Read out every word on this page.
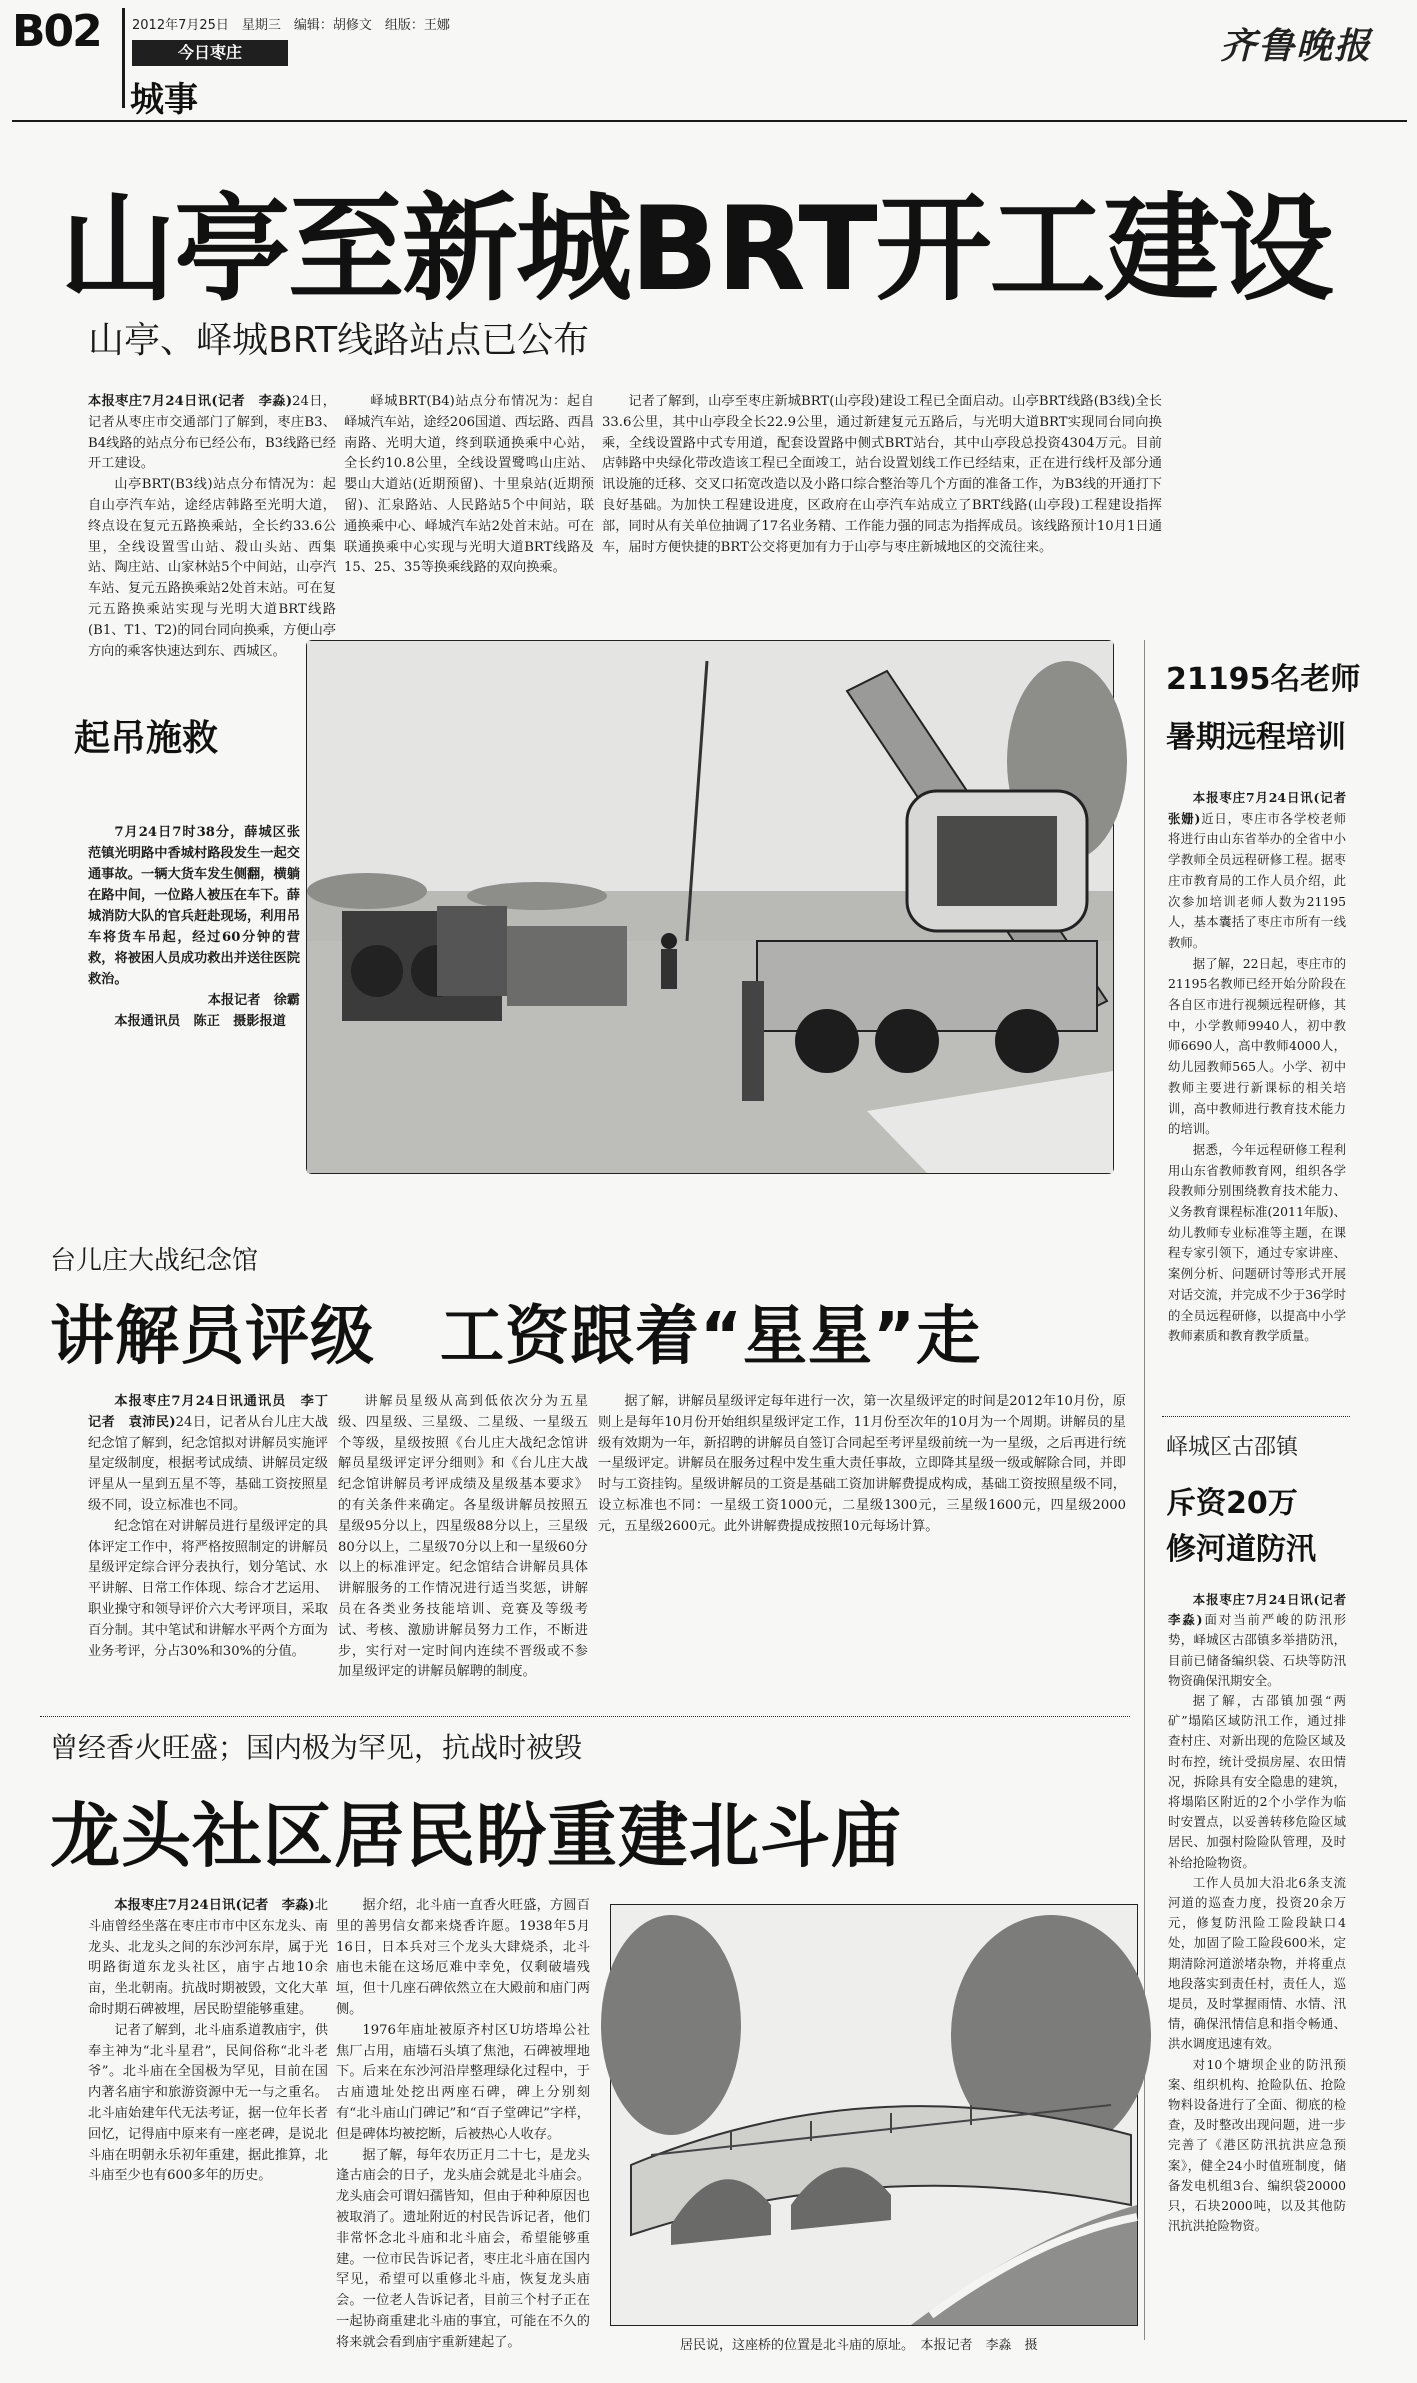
B02 2012年7月25日　星期三　编辑：胡修文　组版：王娜
今日枣庄
城事
齐鲁晚报
山亭至新城BRT开工建设
山亭、峄城BRT线路站点已公布

本报枣庄7月24日讯(记者　李淼)24日，记者从枣庄市交通部门了解到，枣庄B3、B4线路的站点分布已经公布，B3线路已经开工建设。

山亭BRT(B3线)站点分布情况为：起自山亭汽车站，途经店韩路至光明大道，终点设在复元五路换乘站，全长约33.6公里，全线设置雪山站、殺山头站、西集站、陶庄站、山家林站5个中间站，山亭汽车站、复元五路换乘站2处首末站。可在复元五路换乘站实现与光明大道BRT线路(B1、T1、T2)的同台同向换乘，方便山亭方向的乘客快速达到东、西城区。

峄城BRT(B4)站点分布情况为：起自峄城汽车站，途经206国道、西坛路、西昌南路、光明大道，终到联通换乘中心站，全长约10.8公里，全线设置鹭鸣山庄站、嬰山大道站(近期预留)、十里泉站(近期预留)、汇泉路站、人民路站5个中间站，联通换乘中心、峄城汽车站2处首末站。可在联通换乘中心实现与光明大道BRT线路及15、25、35等换乘线路的双向换乘。

记者了解到，山亭至枣庄新城BRT(山亭段)建设工程已全面启动。山亭BRT线路(B3线)全长33.6公里，其中山亭段全长22.9公里，通过新建复元五路后，与光明大道BRT实现同台同向换乘，全线设置路中式专用道，配套设置路中侧式BRT站台，其中山亭段总投资4304万元。目前店韩路中央绿化带改造该工程已全面竣工，站台设置划线工作已经结束，正在进行线杆及部分通讯设施的迁移、交叉口拓宽改造以及小路口综合整治等几个方面的准备工作，为B3线的开通打下良好基础。为加快工程建设进度，区政府在山亭汽车站成立了BRT线路(山亭段)工程建设指挥部，同时从有关单位抽调了17名业务精、工作能力强的同志为指挥成员。该线路预计10月1日通车，届时方便快捷的BRT公交将更加有力于山亭与枣庄新城地区的交流往来。

起吊施救
7月24日7时38分，薛城区张范镇光明路中香城村路段发生一起交通事故。一辆大货车发生侧翻，横躺在路中间，一位路人被压在车下。薛城消防大队的官兵赶赴现场，利用吊车将货车吊起，经过60分钟的营救，将被困人员成功救出并送往医院救治。
本报记者　徐霸
本报通讯员　陈正　摄影报道
21195名老师
暑期远程培训

本报枣庄7月24日讯(记者　张姗)近日，枣庄市各学校老师将进行由山东省举办的全省中小学教师全员远程研修工程。据枣庄市教育局的工作人员介绍，此次参加培训老师人数为21195人，基本囊括了枣庄市所有一线教师。

据了解，22日起，枣庄市的21195名教师已经开始分阶段在各自区市进行视频远程研修，其中，小学教师9940人，初中教师6690人，高中教师4000人，幼儿园教师565人。小学、初中教师主要进行新课标的相关培训，高中教师进行教育技术能力的培训。

据悉，今年远程研修工程利用山东省教师教育网，组织各学段教师分别围绕教育技术能力、义务教育课程标准(2011年版)、幼儿教师专业标准等主题，在课程专家引领下，通过专家讲座、案例分析、问题研讨等形式开展对话交流，并完成不少于36学时的全员远程研修，以提高中小学教师素质和教育教学质量。

峄城区古邵镇
斥资20万
修河道防汛

本报枣庄7月24日讯(记者　李淼)面对当前严峻的防汛形势，峄城区古邵镇多举措防汛，目前已储备编织袋、石块等防汛物资确保汛期安全。

据了解，古邵镇加强“两矿”塌陷区域防汛工作，通过排查村庄、对新出现的危险区域及时布控，统计受损房屋、农田情况，拆除具有安全隐患的建筑，将塌陷区附近的2个小学作为临时安置点，以妥善转移危险区域居民、加强村险险队管理，及时补给抢险物资。

工作人员加大沿北6条支流河道的巡查力度，投资20余万元，修复防汛险工险段缺口4处，加固了险工险段600米，定期清除河道淤堵杂物，并将重点地段落实到责任村，责任人，巡堤员，及时掌握雨情、水情、汛情，确保汛情信息和指令畅通、洪水调度迅速有效。

对10个塘坝企业的防汛预案、组织机构、抢险队伍、抢险物料设备进行了全面、彻底的检查，及时整改出现问题，进一步完善了《港区防汛抗洪应急预案》，健全24小时值班制度，储备发电机组3台、编织袋20000只，石块2000吨，以及其他防汛抗洪抢险物资。

台儿庄大战纪念馆
讲解员评级　工资跟着“星星”走

本报枣庄7月24日讯通讯员　李丁　记者　袁沛民)24日，记者从台儿庄大战纪念馆了解到，纪念馆拟对讲解员实施评星定级制度，根据考试成绩、讲解员定级评星从一星到五星不等，基础工资按照星级不同，设立标准也不同。

纪念馆在对讲解员进行星级评定的具体评定工作中，将严格按照制定的讲解员星级评定综合评分表执行，划分笔试、水平讲解、日常工作体现、综合才艺运用、职业操守和领导评价六大考评项目，采取百分制。其中笔试和讲解水平两个方面为业务考评，分占30%和30%的分值。

讲解员星级从高到低依次分为五星级、四星级、三星级、二星级、一星级五个等级，星级按照《台儿庄大战纪念馆讲解员星级评定评分细则》和《台儿庄大战纪念馆讲解员考评成绩及星级基本要求》的有关条件来确定。各星级讲解员按照五星级95分以上，四星级88分以上，三星级80分以上，二星级70分以上和一星级60分以上的标准评定。纪念馆结合讲解员具体讲解服务的工作情况进行适当奖惩，讲解员在各类业务技能培训、竞赛及等级考试、考核、激励讲解员努力工作，不断进步，实行对一定时间内连续不晋级或不参加星级评定的讲解员解聘的制度。

据了解，讲解员星级评定每年进行一次，第一次星级评定的时间是2012年10月份，原则上是每年10月份开始组织星级评定工作，11月份至次年的10月为一个周期。讲解员的星级有效期为一年，新招聘的讲解员自签订合同起至考评星级前统一为一星级，之后再进行统一星级评定。讲解员在服务过程中发生重大责任事故，立即降其星级一级或解除合同，并即时与工资挂钩。星级讲解员的工资是基础工资加讲解费提成构成，基础工资按照星级不同，设立标准也不同：一星级工资1000元，二星级1300元，三星级1600元，四星级2000元，五星级2600元。此外讲解费提成按照10元每场计算。

曾经香火旺盛；国内极为罕见，抗战时被毁
龙头社区居民盼重建北斗庙

本报枣庄7月24日讯(记者　李淼)北斗庙曾经坐落在枣庄市市中区东龙头、南龙头、北龙头之间的东沙河东岸，属于光明路街道东龙头社区，庙宇占地10余亩，坐北朝南。抗战时期被毁，文化大革命时期石碑被埋，居民盼望能够重建。

记者了解到，北斗庙系道教庙宇，供奉主神为“北斗星君”，民间俗称“北斗老爷”。北斗庙在全国极为罕见，目前在国内著名庙宇和旅游资源中无一与之重名。北斗庙始建年代无法考证，据一位年长者回忆，记得庙中原来有一座老碑，是说北斗庙在明朝永乐初年重建，据此推算，北斗庙至少也有600多年的历史。

据介绍，北斗庙一直香火旺盛，方圆百里的善男信女都来烧香许愿。1938年5月16日，日本兵对三个龙头大肆烧杀，北斗庙也未能在这场厄难中幸免，仅剩破墙残垣，但十几座石碑依然立在大殿前和庙门两侧。

1976年庙址被原齐村区U坊塔埠公社焦厂占用，庙墙石头填了焦池，石碑被埋地下。后来在东沙河沿岸整理绿化过程中，于古庙遗址处挖出两座石碑，碑上分别刻有“北斗庙山门碑记”和“百子堂碑记”字样，但是碑体均被挖断，后被热心人收存。

据了解，每年农历正月二十七，是龙头逢古庙会的日子，龙头庙会就是北斗庙会。龙头庙会可谓妇孺皆知，但由于种种原因也被取消了。遗址附近的村民告诉记者，他们非常怀念北斗庙和北斗庙会，希望能够重建。一位市民告诉记者，枣庄北斗庙在国内罕见，希望可以重修北斗庙，恢复龙头庙会。一位老人告诉记者，目前三个村子正在一起协商重建北斗庙的事宜，可能在不久的将来就会看到庙宇重新建起了。	居民说，这座桥的位置是北斗庙的原址。　本报记者　李淼　摄
